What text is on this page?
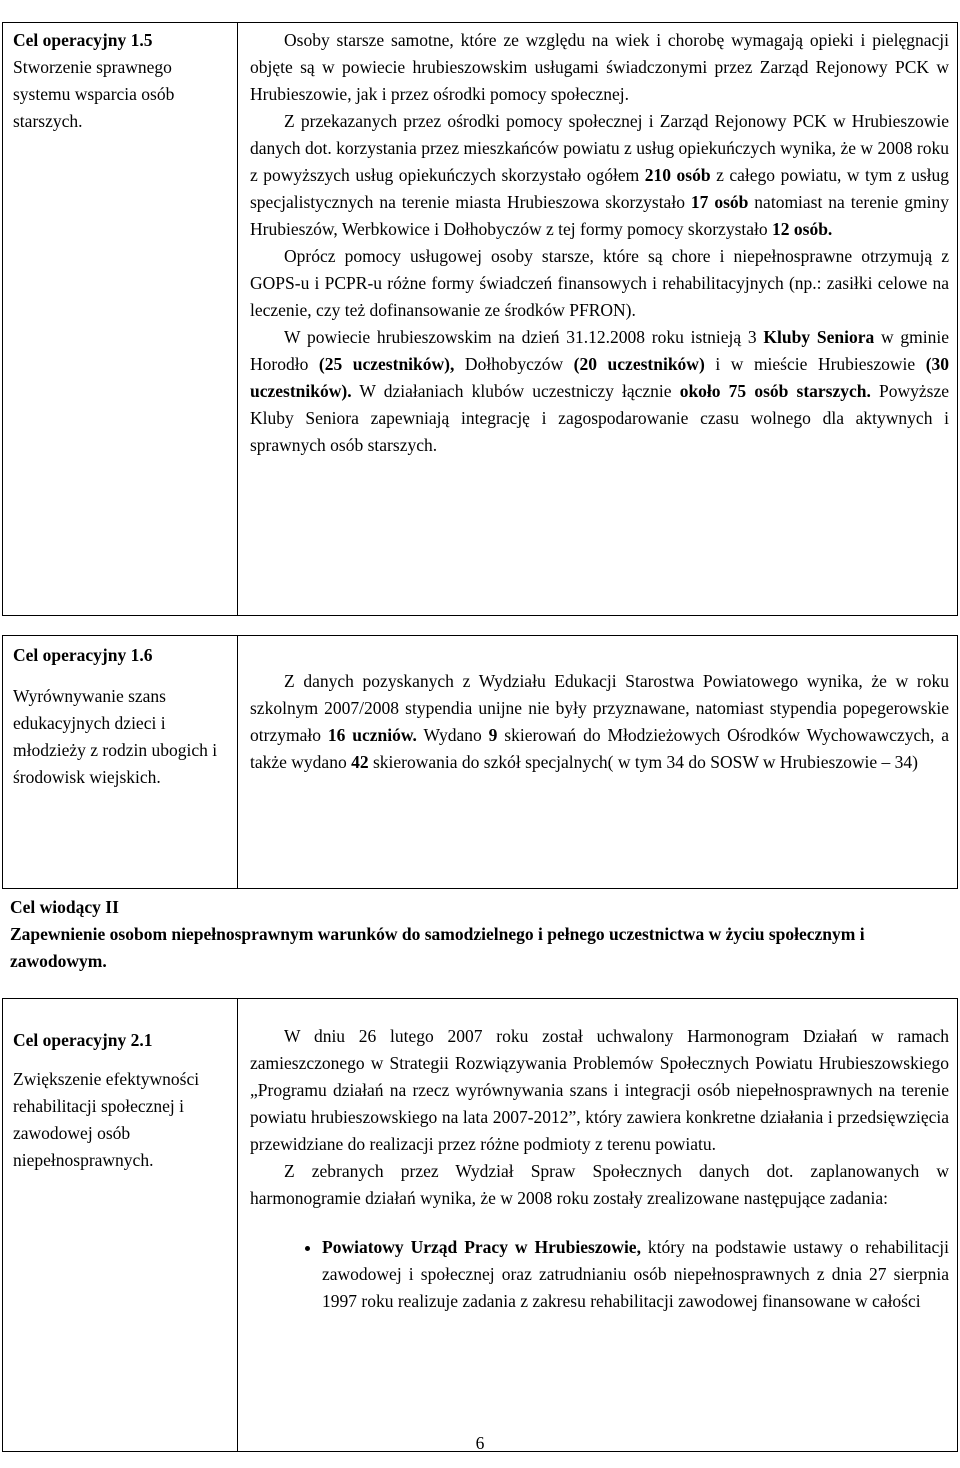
Cel operacyjny 1.5
Stworzenie sprawnego systemu wsparcia osób starszych.

Osoby starsze samotne, które ze względu na wiek i chorobę wymagają opieki i pielęgnacji objęte są w powiecie hrubieszowskim usługami świadczonymi przez Zarząd Rejonowy PCK w Hrubieszowie, jak i przez ośrodki pomocy społecznej.

Z przekazanych przez ośrodki pomocy społecznej i Zarząd Rejonowy PCK w Hrubieszowie danych dot. korzystania przez mieszkańców powiatu z usług opiekuńczych wynika, że w 2008 roku z powyższych usług opiekuńczych skorzystało ogółem 210 osób z całego powiatu, w tym z usług specjalistycznych na terenie miasta Hrubieszowa skorzystało 17 osób natomiast na terenie gminy Hrubieszów, Werbkowice i Dołhobyczów z tej formy pomocy skorzystało 12 osób.

Oprócz pomocy usługowej osoby starsze, które są chore i niepełnosprawne otrzymują z GOPS-u i PCPR-u różne formy świadczeń finansowych i rehabilitacyjnych (np.: zasiłki celowe na leczenie, czy też dofinansowanie ze środków PFRON).

W powiecie hrubieszowskim na dzień 31.12.2008 roku istnieją 3 Kluby Seniora w gminie Horodło (25 uczestników), Dołhobyczów (20 uczestników) i w mieście Hrubieszowie (30 uczestników). W działaniach klubów uczestniczy łącznie około 75 osób starszych. Powyższe Kluby Seniora zapewniają integrację i zagospodarowanie czasu wolnego dla aktywnych i sprawnych osób starszych.

Cel operacyjny 1.6
Wyrównywanie szans edukacyjnych dzieci i młodzieży z rodzin ubogich i środowisk wiejskich.

Z danych pozyskanych z Wydziału Edukacji Starostwa Powiatowego wynika, że w roku szkolnym 2007/2008 stypendia unijne nie były przyznawane, natomiast stypendia popegerowskie otrzymało 16 uczniów. Wydano 9 skierowań do Młodzieżowych Ośrodków Wychowawczych, a także wydano 42 skierowania do szkół specjalnych( w tym 34 do SOSW w Hrubieszowie – 34)

Cel wiodący II
Zapewnienie osobom niepełnosprawnym warunków do samodzielnego i pełnego uczestnictwa w życiu społecznym i zawodowym.
Cel operacyjny 2.1
Zwiększenie efektywności rehabilitacji społecznej i zawodowej osób niepełnosprawnych.

W dniu 26 lutego 2007 roku został uchwalony Harmonogram Działań w ramach zamieszczonego w Strategii Rozwiązywania Problemów Społecznych Powiatu Hrubieszowskiego „Programu działań na rzecz wyrównywania szans i integracji osób niepełnosprawnych na terenie powiatu hrubieszowskiego na lata 2007-2012”, który zawiera konkretne działania i przedsięwzięcia przewidziane do realizacji przez różne podmioty z terenu powiatu.

Z zebranych przez Wydział Spraw Społecznych danych dot. zaplanowanych w harmonogramie działań wynika, że w 2008 roku zostały zrealizowane następujące zadania:

• Powiatowy Urząd Pracy w Hrubieszowie, który na podstawie ustawy o rehabilitacji zawodowej i społecznej oraz zatrudnianiu osób niepełnosprawnych z dnia 27 sierpnia 1997 roku realizuje zadania z zakresu rehabilitacji zawodowej finansowane w całości
6
